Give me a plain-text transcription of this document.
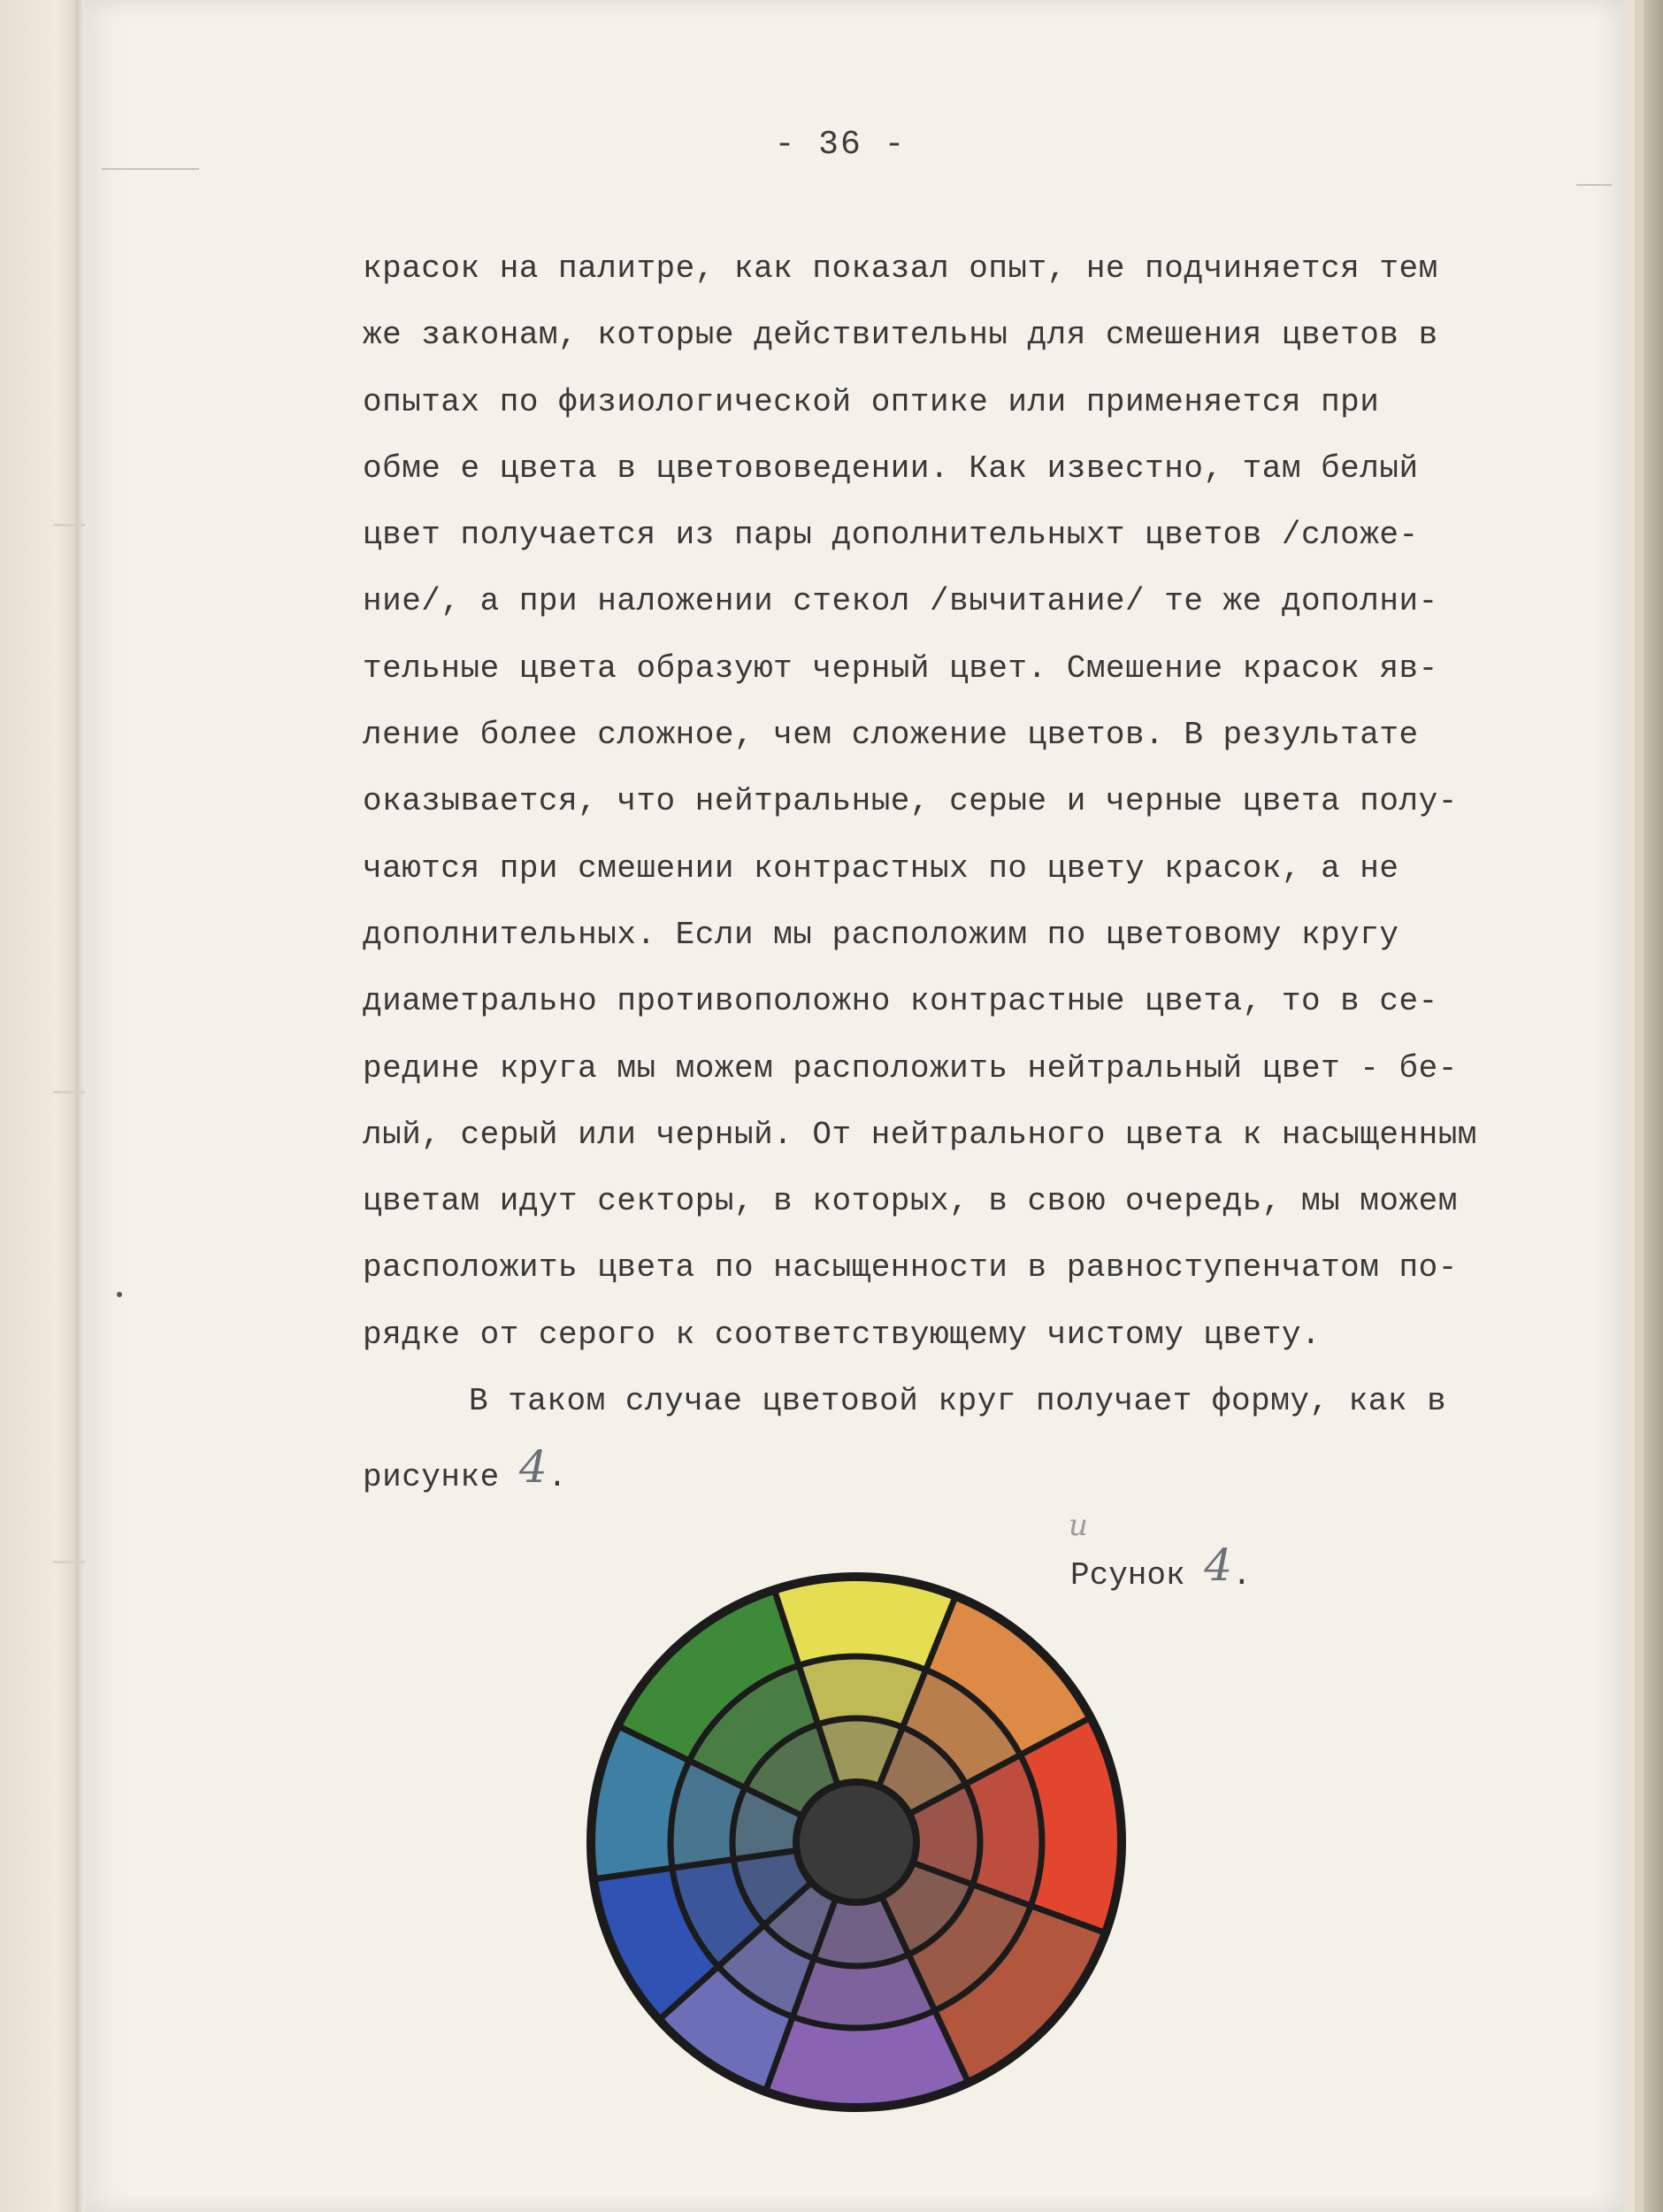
- 36 -
красок на палитре, как показал опыт, не подчиняется тем
же законам, которые действительны для смешения цветов в
опытах по физиологической оптике или применяется при
обме е цвета в цветововедении. Как известно, там белый
цвет получается из пары дополнительныхт цветов /сложе-
ние/, а при наложении стекол /вычитание/ те же дополни-
тельные цвета образуют черный цвет. Смешение красок яв-
ление более сложное, чем сложение цветов. В результате
оказывается, что нейтральные, серые и черные цвета полу-
чаются при смешении контрастных по цвету красок, а не
дополнительных. Если мы расположим по цветовому кругу
диаметрально противоположно контрастные цвета, то в се-
редине круга мы можем расположить нейтральный цвет - бе-
лый, серый или черный. От нейтрального цвета к насыщенным
цветам идут секторы, в которых, в свою очередь, мы можем
расположить цвета по насыщенности в равноступенчатом по-
рядке от серого к соответствующему чистому цвету.
В таком случае цветовой круг получает форму, как в
рисунке 4.
и
Рсунок 4.
